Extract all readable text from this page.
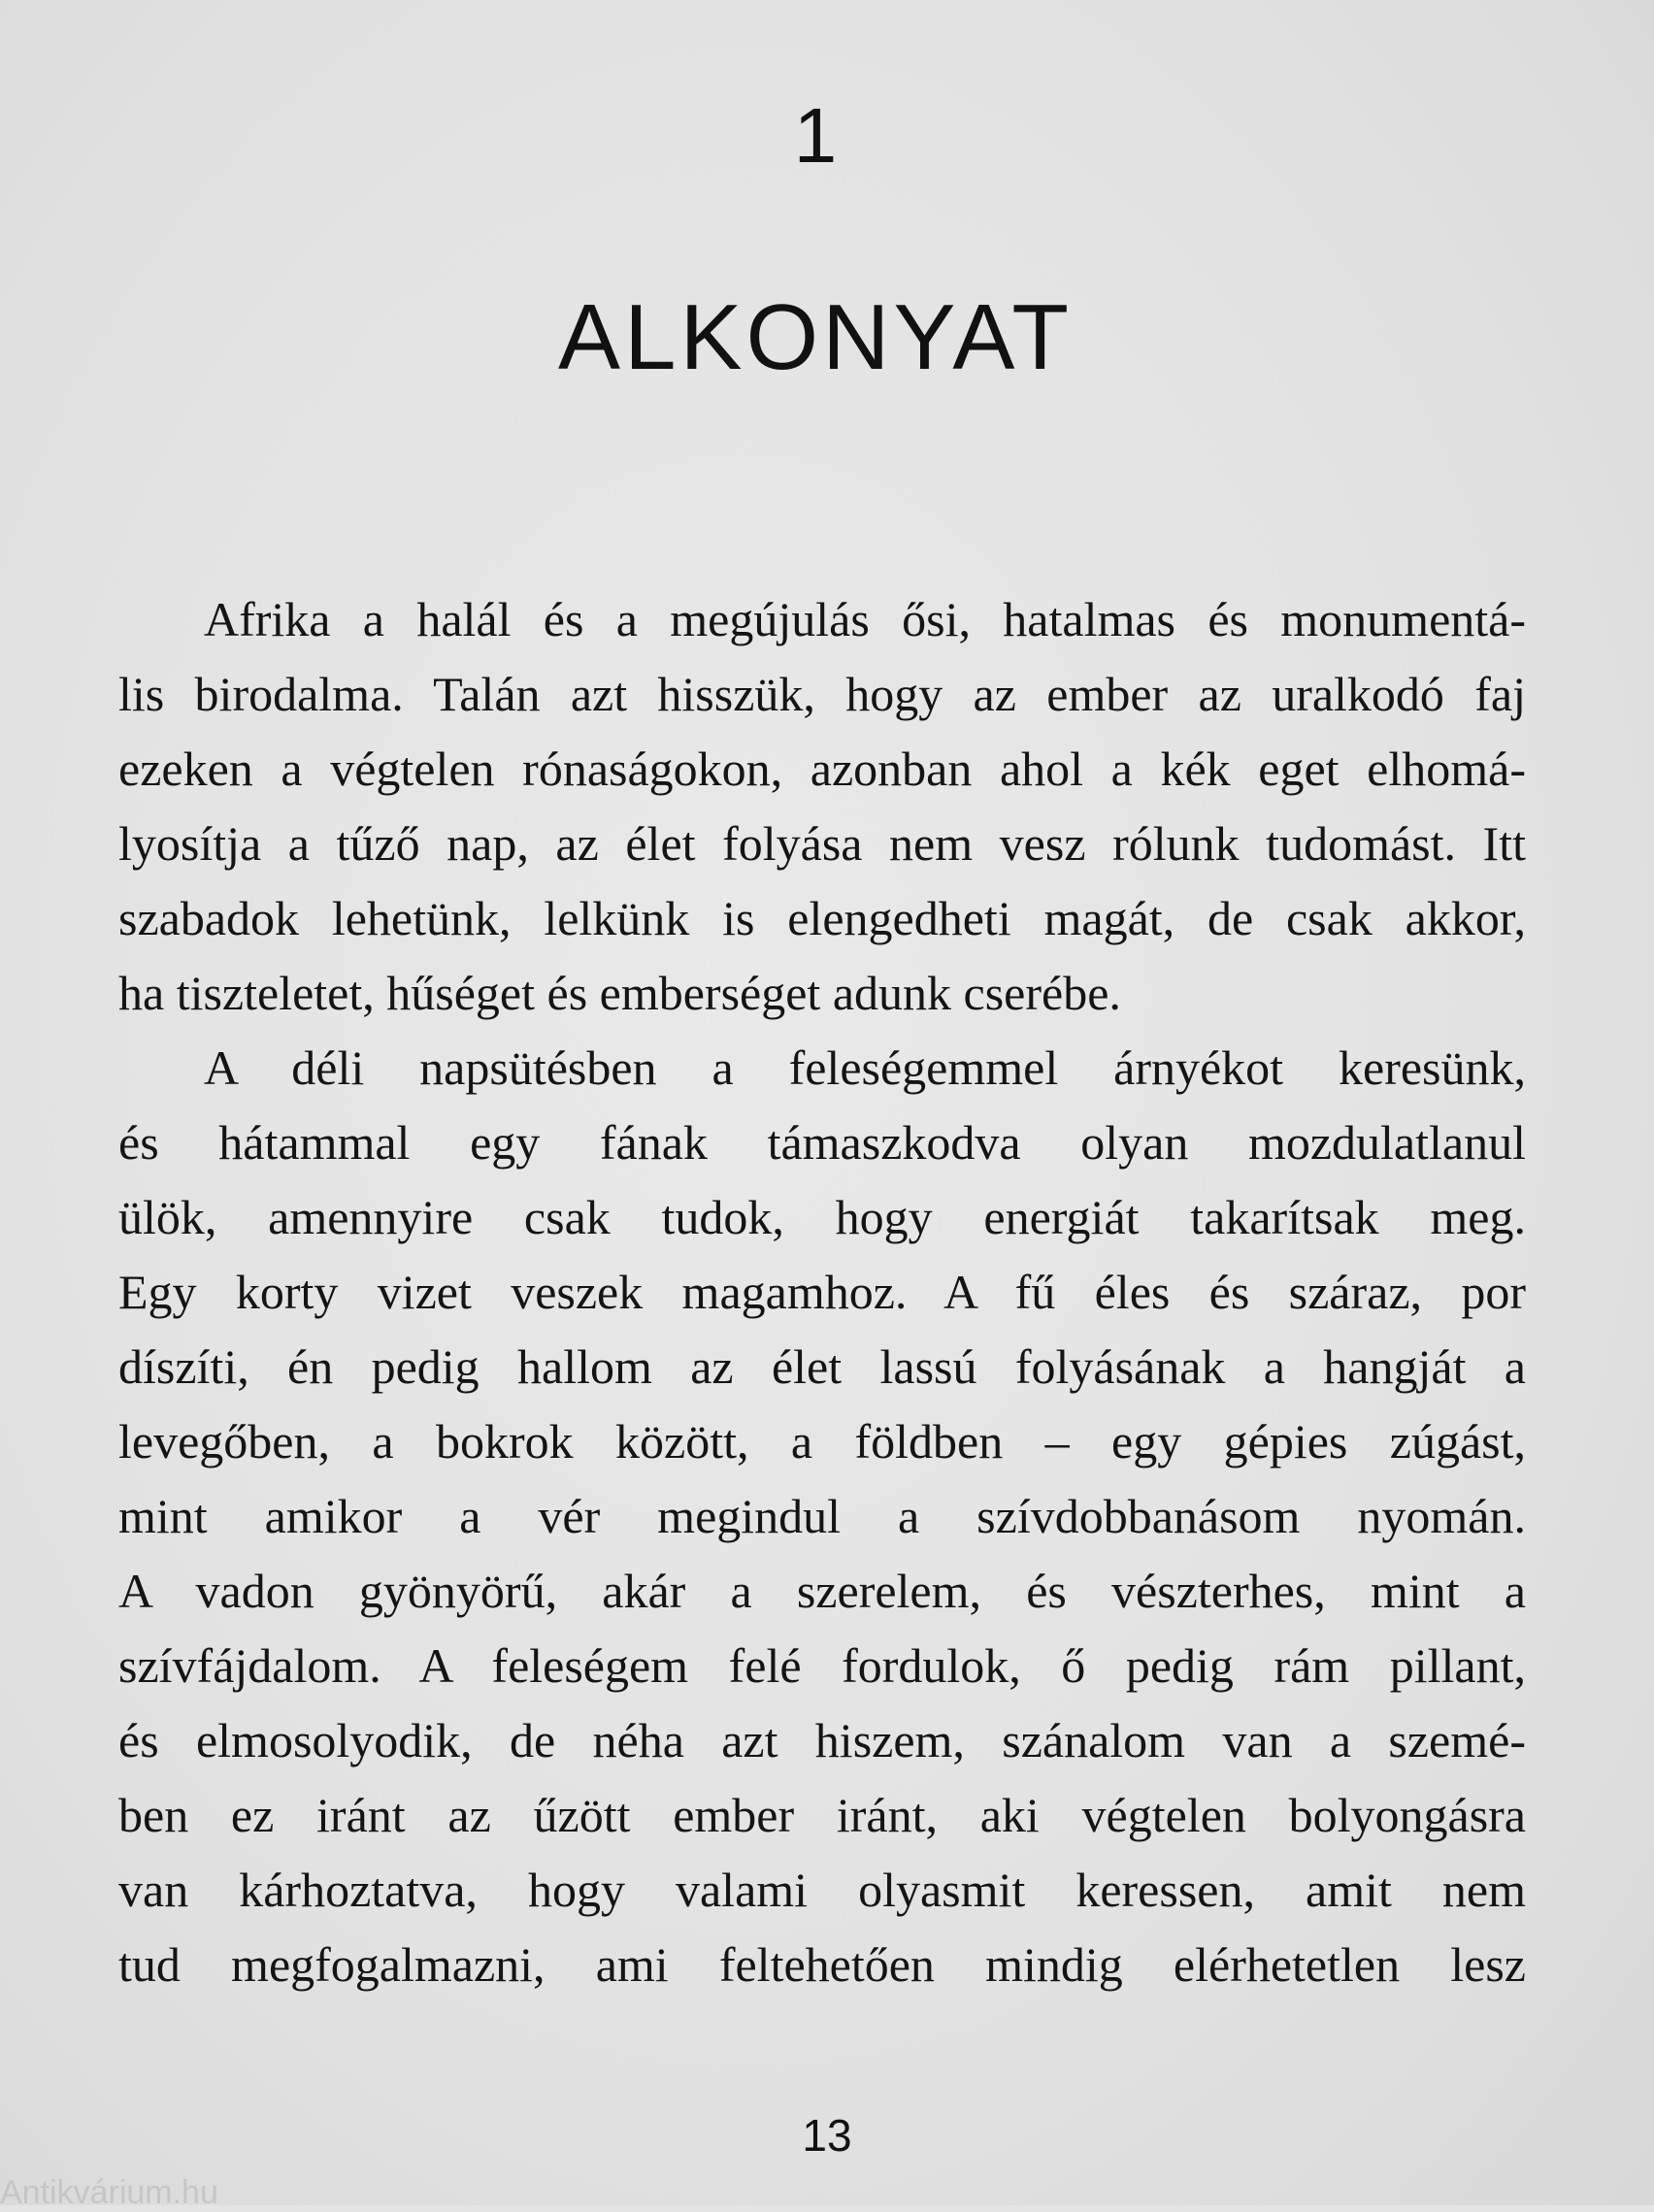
1
ALKONYAT

Afrika a halál és a megújulás ősi, hatalmas és monumentá-
lis birodalma. Talán azt hisszük, hogy az ember az uralkodó faj
ezeken a végtelen rónaságokon, azonban ahol a kék eget elhomá-
lyosítja a tűző nap, az élet folyása nem vesz rólunk tudomást. Itt
szabadok lehetünk, lelkünk is elengedheti magát, de csak akkor,
ha tiszteletet, hűséget és emberséget adunk cserébe.

A déli napsütésben a feleségemmel árnyékot keresünk,
és hátammal egy fának támaszkodva olyan mozdulatlanul
ülök, amennyire csak tudok, hogy energiát takarítsak meg.
Egy korty vizet veszek magamhoz. A fű éles és száraz, por
díszíti, én pedig hallom az élet lassú folyásának a hangját a
levegőben, a bokrok között, a földben – egy gépies zúgást,
mint amikor a vér megindul a szívdobbanásom nyomán.
A vadon gyönyörű, akár a szerelem, és vészterhes, mint a
szívfájdalom. A feleségem felé fordulok, ő pedig rám pillant,
és elmosolyodik, de néha azt hiszem, szánalom van a szemé-
ben ez iránt az űzött ember iránt, aki végtelen bolyongásra
van kárhoztatva, hogy valami olyasmit keressen, amit nem
tud megfogalmazni, ami feltehetően mindig elérhetetlen lesz

13
Antikvárium.hu
